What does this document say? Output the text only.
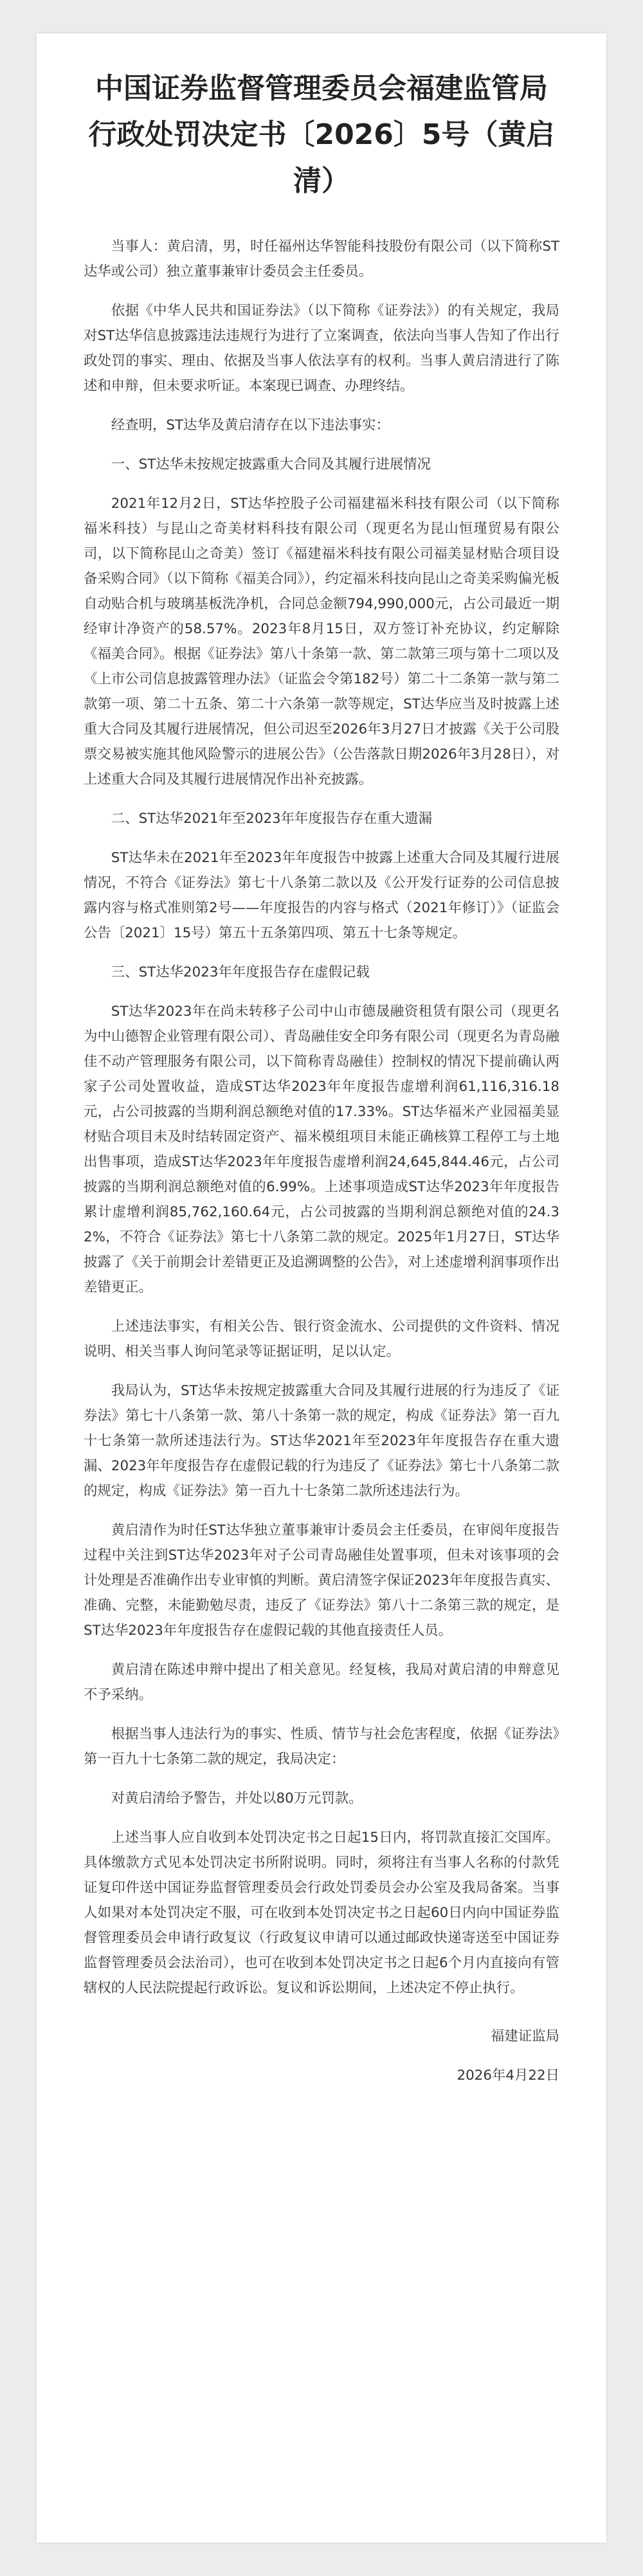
中国证券监督管理委员会福建监管局行政处罚决定书〔2026〕5号（黄启清）

当事人：黄启清，男，时任福州达华智能科技股份有限公司（以下简称ST达华或公司）独立董事兼审计委员会主任委员。

依据《中华人民共和国证券法》（以下简称《证券法》）的有关规定，我局对ST达华信息披露违法违规行为进行了立案调查，依法向当事人告知了作出行政处罚的事实、理由、依据及当事人依法享有的权利。当事人黄启清进行了陈述和申辩，但未要求听证。本案现已调查、办理终结。

经查明，ST达华及黄启清存在以下违法事实：

一、ST达华未按规定披露重大合同及其履行进展情况

2021年12月2日，ST达华控股子公司福建福米科技有限公司（以下简称福米科技）与昆山之奇美材料科技有限公司（现更名为昆山恒瑾贸易有限公司，以下简称昆山之奇美）签订《福建福米科技有限公司福美显材贴合项目设备采购合同》（以下简称《福美合同》），约定福米科技向昆山之奇美采购偏光板自动贴合机与玻璃基板洗净机，合同总金额794,990,000元，占公司最近一期经审计净资产的58.57%。2023年8月15日，双方签订补充协议，约定解除《福美合同》。根据《证券法》第八十条第一款、第二款第三项与第十二项以及《上市公司信息披露管理办法》（证监会令第182号）第二十二条第一款与第二款第一项、第二十五条、第二十六条第一款等规定，ST达华应当及时披露上述重大合同及其履行进展情况，但公司迟至2026年3月27日才披露《关于公司股票交易被实施其他风险警示的进展公告》（公告落款日期2026年3月28日），对上述重大合同及其履行进展情况作出补充披露。

二、ST达华2021年至2023年年度报告存在重大遗漏

ST达华未在2021年至2023年年度报告中披露上述重大合同及其履行进展情况，不符合《证券法》第七十八条第二款以及《公开发行证券的公司信息披露内容与格式准则第2号——年度报告的内容与格式（2021年修订）》（证监会公告〔2021〕15号）第五十五条第四项、第五十七条等规定。

三、ST达华2023年年度报告存在虚假记载

ST达华2023年在尚未转移子公司中山市德晟融资租赁有限公司（现更名为中山德智企业管理有限公司）、青岛融佳安全印务有限公司（现更名为青岛融佳不动产管理服务有限公司，以下简称青岛融佳）控制权的情况下提前确认两家子公司处置收益，造成ST达华2023年年度报告虚增利润61,116,316.18元，占公司披露的当期利润总额绝对值的17.33%。ST达华福米产业园福美显材贴合项目未及时结转固定资产、福米模组项目未能正确核算工程停工与土地出售事项，造成ST达华2023年年度报告虚增利润24,645,844.46元，占公司披露的当期利润总额绝对值的6.99%。上述事项造成ST达华2023年年度报告累计虚增利润85,762,160.64元，占公司披露的当期利润总额绝对值的24.32%，不符合《证券法》第七十八条第二款的规定。2025年1月27日，ST达华披露了《关于前期会计差错更正及追溯调整的公告》，对上述虚增利润事项作出差错更正。

上述违法事实，有相关公告、银行资金流水、公司提供的文件资料、情况说明、相关当事人询问笔录等证据证明，足以认定。

我局认为，ST达华未按规定披露重大合同及其履行进展的行为违反了《证券法》第七十八条第一款、第八十条第一款的规定，构成《证券法》第一百九十七条第一款所述违法行为。ST达华2021年至2023年年度报告存在重大遗漏、2023年年度报告存在虚假记载的行为违反了《证券法》第七十八条第二款的规定，构成《证券法》第一百九十七条第二款所述违法行为。

黄启清作为时任ST达华独立董事兼审计委员会主任委员，在审阅年度报告过程中关注到ST达华2023年对子公司青岛融佳处置事项，但未对该事项的会计处理是否准确作出专业审慎的判断。黄启清签字保证2023年年度报告真实、准确、完整，未能勤勉尽责，违反了《证券法》第八十二条第三款的规定，是ST达华2023年年度报告存在虚假记载的其他直接责任人员。

黄启清在陈述申辩中提出了相关意见。经复核，我局对黄启清的申辩意见不予采纳。

根据当事人违法行为的事实、性质、情节与社会危害程度，依据《证券法》第一百九十七条第二款的规定，我局决定：

对黄启清给予警告，并处以80万元罚款。

上述当事人应自收到本处罚决定书之日起15日内，将罚款直接汇交国库。具体缴款方式见本处罚决定书所附说明。同时，须将注有当事人名称的付款凭证复印件送中国证券监督管理委员会行政处罚委员会办公室及我局备案。当事人如果对本处罚决定不服，可在收到本处罚决定书之日起60日内向中国证券监督管理委员会申请行政复议（行政复议申请可以通过邮政快递寄送至中国证券监督管理委员会法治司），也可在收到本处罚决定书之日起6个月内直接向有管辖权的人民法院提起行政诉讼。复议和诉讼期间，上述决定不停止执行。

福建证监局
2026年4月22日
